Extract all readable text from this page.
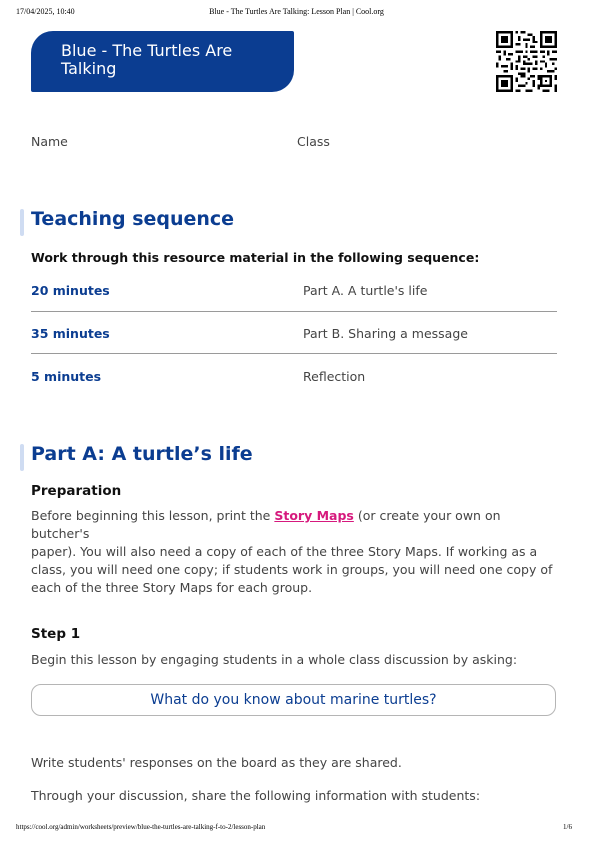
17/04/2025, 10:40	Blue - The Turtles Are Talking: Lesson Plan | Cool.org
Blue - The Turtles Are
Talking
Name	Class
Teaching sequence
Work through this resource material in the following sequence:
20 minutes	Part A. A turtle's life
35 minutes	Part B. Sharing a message
5 minutes	Reflection
Part A: A turtle’s life
Preparation
Before beginning this lesson, print the Story Maps (or create your own on butcher's
paper). You will also need a copy of each of the three Story Maps. If working as a
class, you will need one copy; if students work in groups, you will need one copy of
each of the three Story Maps for each group.
Step 1
Begin this lesson by engaging students in a whole class discussion by asking:
What do you know about marine turtles?
Write students' responses on the board as they are shared.
Through your discussion, share the following information with students:
https://cool.org/admin/worksheets/preview/blue-the-turtles-are-talking-f-to-2/lesson-plan	1/6
